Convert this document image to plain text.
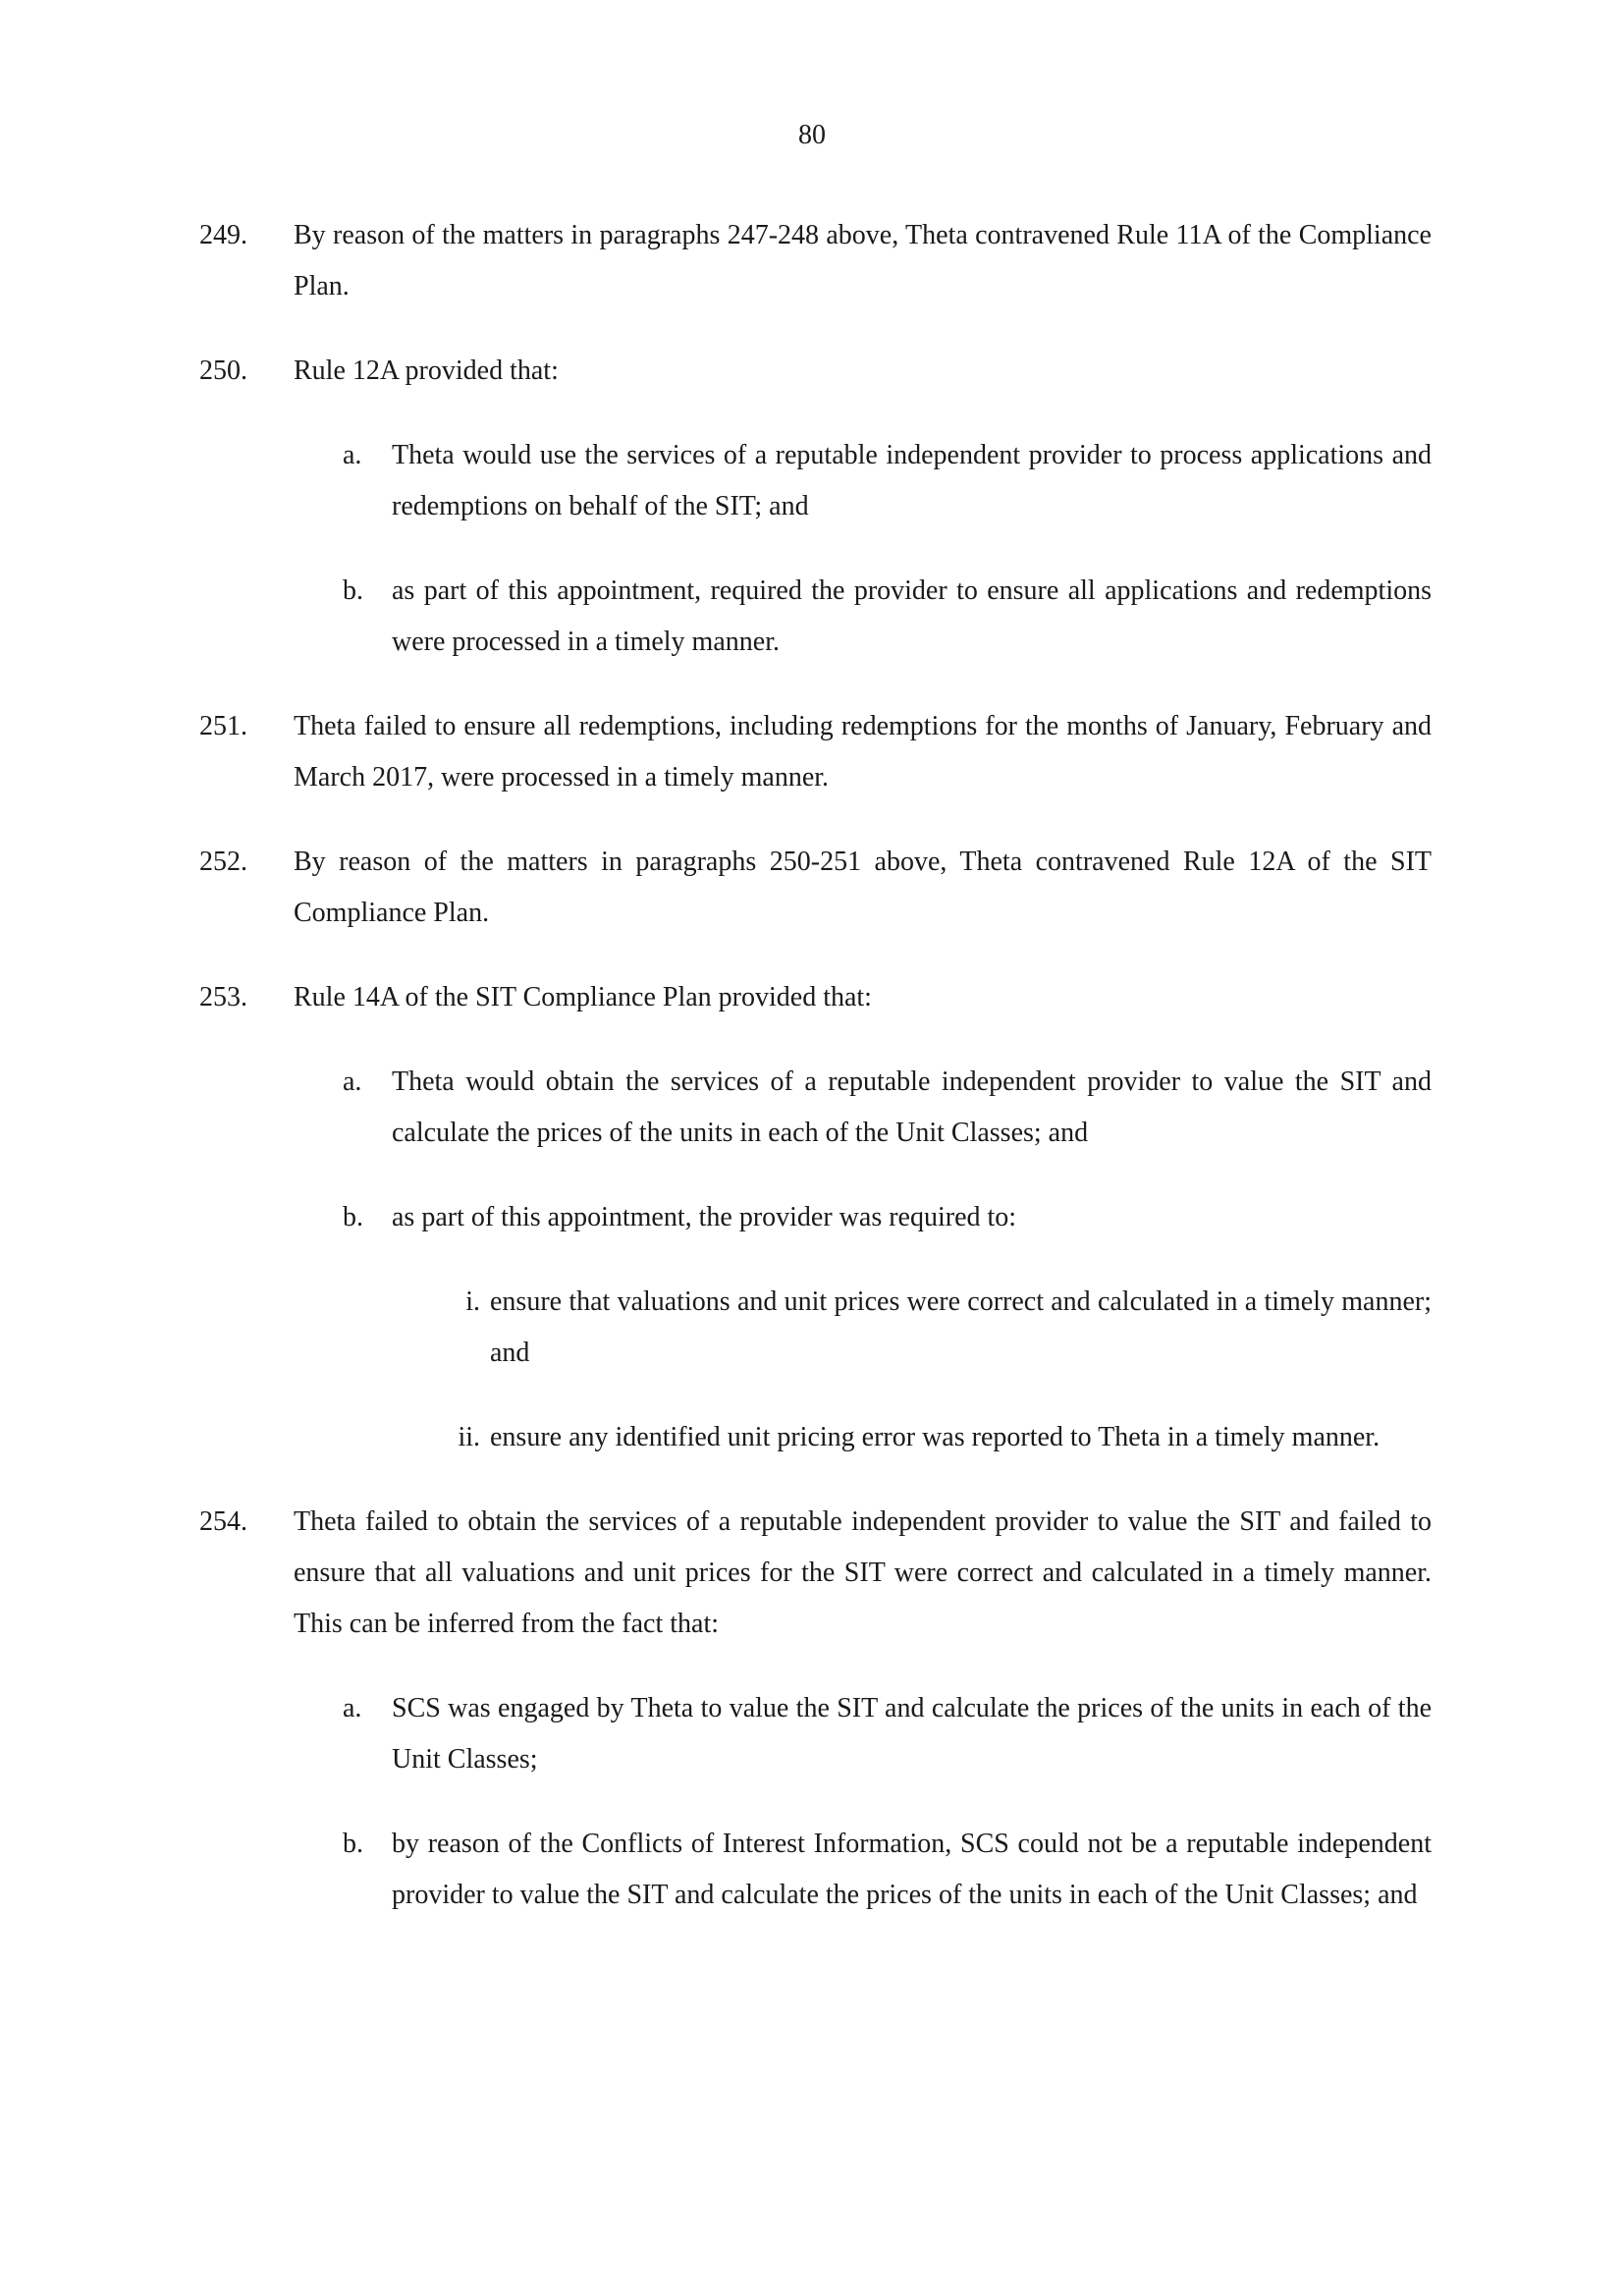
80
249.	By reason of the matters in paragraphs 247-248 above, Theta contravened Rule 11A of the Compliance Plan.
250.	Rule 12A provided that:
a. Theta would use the services of a reputable independent provider to process applications and redemptions on behalf of the SIT; and
b. as part of this appointment, required the provider to ensure all applications and redemptions were processed in a timely manner.
251.	Theta failed to ensure all redemptions, including redemptions for the months of January, February and March 2017, were processed in a timely manner.
252.	By reason of the matters in paragraphs 250-251 above, Theta contravened Rule 12A of the SIT Compliance Plan.
253.	Rule 14A of the SIT Compliance Plan provided that:
a. Theta would obtain the services of a reputable independent provider to value the SIT and calculate the prices of the units in each of the Unit Classes; and
b. as part of this appointment, the provider was required to:
i. ensure that valuations and unit prices were correct and calculated in a timely manner; and
ii. ensure any identified unit pricing error was reported to Theta in a timely manner.
254.	Theta failed to obtain the services of a reputable independent provider to value the SIT and failed to ensure that all valuations and unit prices for the SIT were correct and calculated in a timely manner. This can be inferred from the fact that:
a. SCS was engaged by Theta to value the SIT and calculate the prices of the units in each of the Unit Classes;
b. by reason of the Conflicts of Interest Information, SCS could not be a reputable independent provider to value the SIT and calculate the prices of the units in each of the Unit Classes; and
